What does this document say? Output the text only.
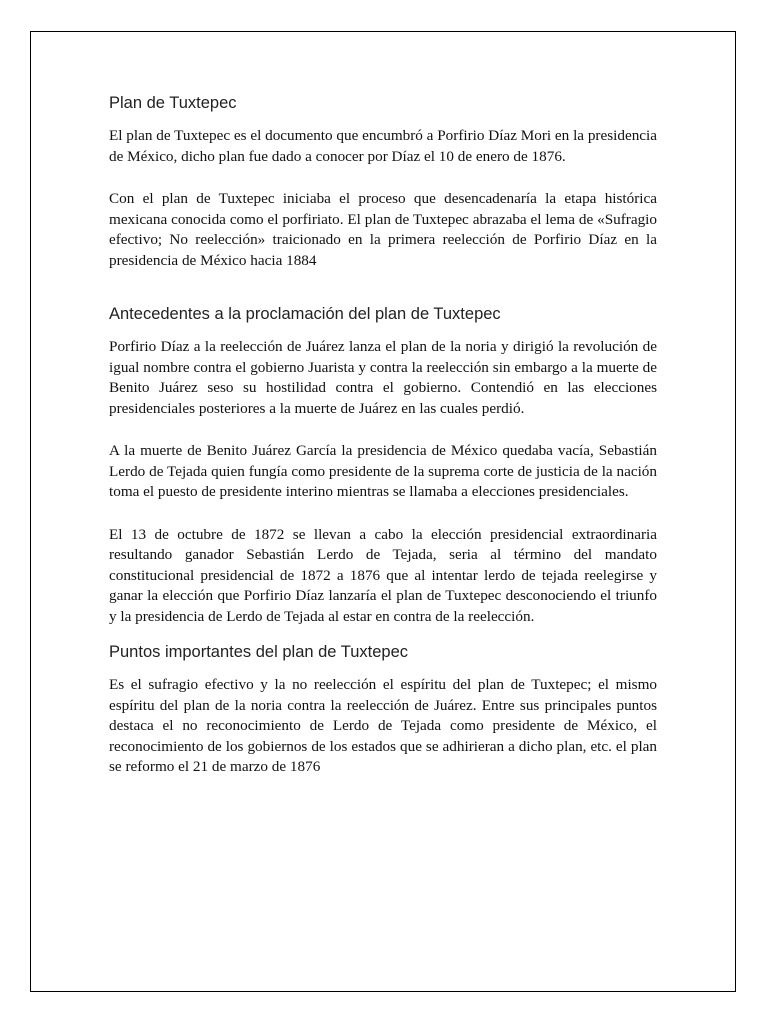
Plan de Tuxtepec

El plan de Tuxtepec es el documento que encumbró a Porfirio Díaz Mori en la presidencia de México, dicho plan fue dado a conocer por Díaz el 10 de enero de 1876.

Con el plan de Tuxtepec iniciaba el proceso que desencadenaría la etapa histórica mexicana conocida como el porfiriato. El plan de Tuxtepec abrazaba el lema de «Sufragio efectivo; No reelección» traicionado en la primera reelección de Porfirio Díaz en la presidencia de México hacia 1884

Antecedentes a la proclamación del plan de Tuxtepec

Porfirio Díaz a la reelección de Juárez lanza el plan de la noria y dirigió la revolución de igual nombre contra el gobierno Juarista y contra la reelección sin embargo a la muerte de Benito Juárez seso su hostilidad contra el gobierno. Contendió en las elecciones presidenciales posteriores a la muerte de Juárez en las cuales perdió.

A la muerte de Benito Juárez García la presidencia de México quedaba vacía, Sebastián Lerdo de Tejada quien fungía como presidente de la suprema corte de justicia de la nación toma el puesto de presidente interino mientras se llamaba a elecciones presidenciales.

El 13 de octubre de 1872 se llevan a cabo la elección presidencial extraordinaria resultando ganador Sebastián Lerdo de Tejada, seria al término del mandato constitucional presidencial de 1872 a 1876 que al intentar lerdo de tejada reelegirse y ganar la elección que Porfirio Díaz lanzaría el plan de Tuxtepec desconociendo el triunfo y la presidencia de Lerdo de Tejada al estar en contra de la reelección.

Puntos importantes del plan de Tuxtepec

Es el sufragio efectivo y la no reelección el espíritu del plan de Tuxtepec; el mismo espíritu del plan de la noria contra la reelección de Juárez. Entre sus principales puntos destaca el no reconocimiento de Lerdo de Tejada como presidente de México, el reconocimiento de los gobiernos de los estados que se adhirieran a dicho plan, etc. el plan se reformo el 21 de marzo de 1876
